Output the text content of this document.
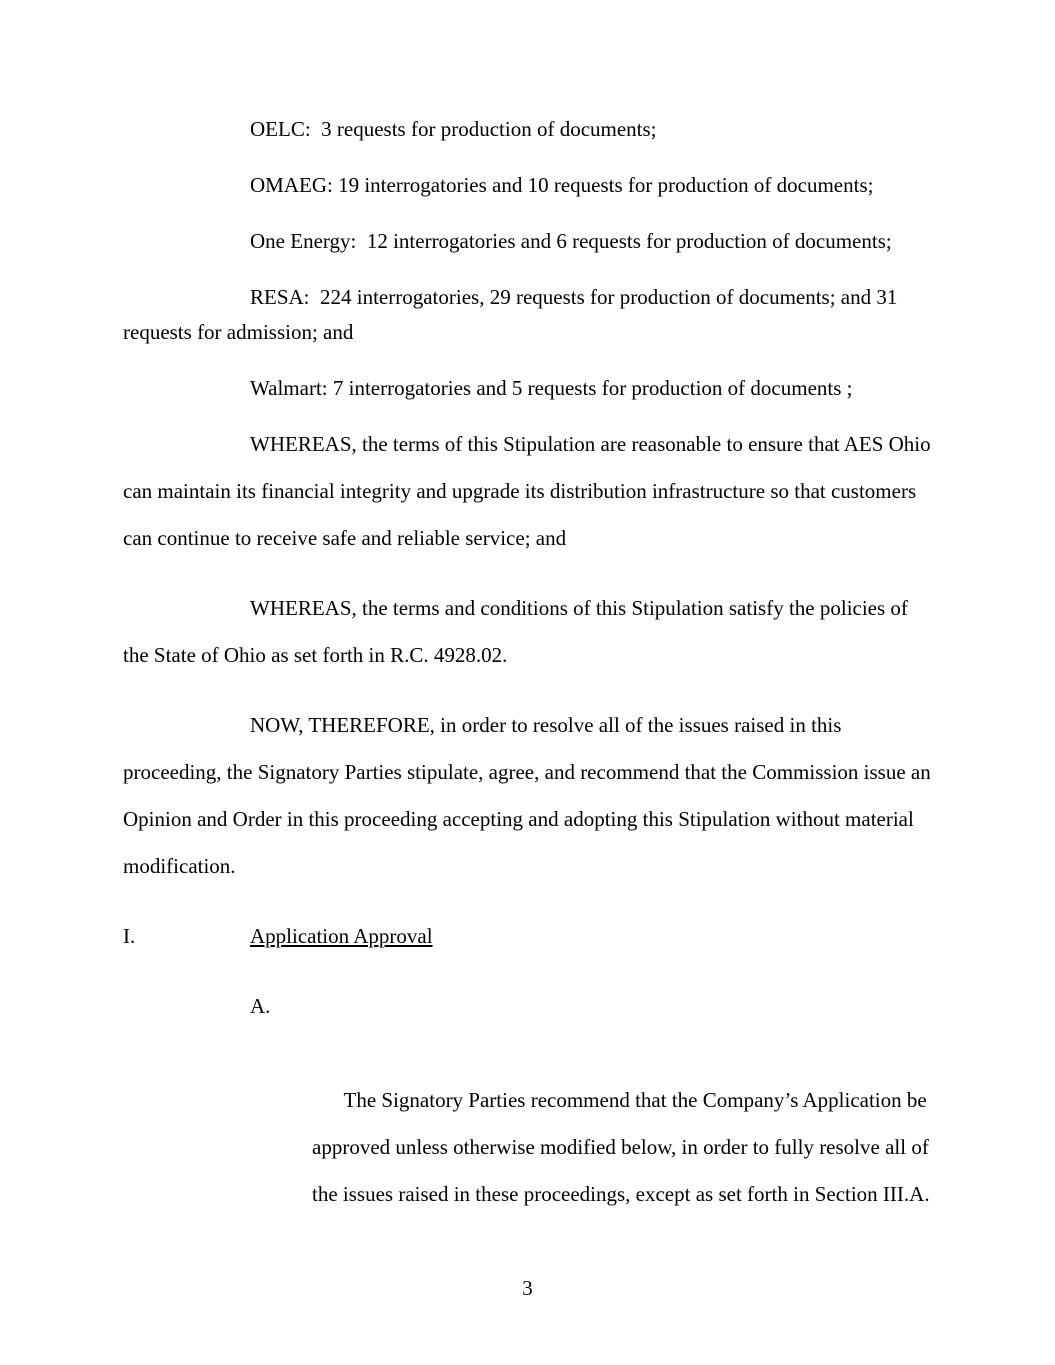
OELC:  3 requests for production of documents;
OMAEG: 19 interrogatories and 10 requests for production of documents;
One Energy:  12 interrogatories and 6 requests for production of documents;
RESA:  224 interrogatories, 29 requests for production of documents; and 31 requests for admission; and
Walmart: 7 interrogatories and 5 requests for production of documents ;
WHEREAS, the terms of this Stipulation are reasonable to ensure that AES Ohio can maintain its financial integrity and upgrade its distribution infrastructure so that customers can continue to receive safe and reliable service; and
WHEREAS, the terms and conditions of this Stipulation satisfy the policies of the State of Ohio as set forth in R.C. 4928.02.
NOW, THEREFORE, in order to resolve all of the issues raised in this proceeding, the Signatory Parties stipulate, agree, and recommend that the Commission issue an Opinion and Order in this proceeding accepting and adopting this Stipulation without material modification.
I.	Application Approval

A.

The Signatory Parties recommend that the Company’s Application be approved unless otherwise modified below, in order to fully resolve all of the issues raised in these proceedings, except as set forth in Section III.A.

3
